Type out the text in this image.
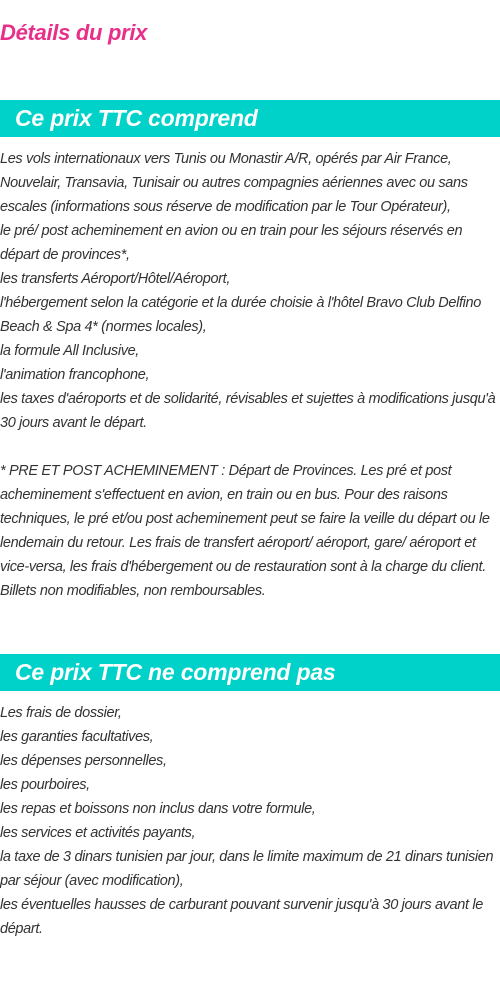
Détails du prix
Ce prix TTC comprend
Les vols internationaux vers Tunis ou Monastir A/R, opérés par Air France, Nouvelair, Transavia, Tunisair ou autres compagnies aériennes avec ou sans escales (informations sous réserve de modification par le Tour Opérateur),
le pré/ post acheminement en avion ou en train pour les séjours réservés en départ de provinces*,
les transferts Aéroport/Hôtel/Aéroport,
l'hébergement selon la catégorie et la durée choisie à l'hôtel Bravo Club Delfino Beach & Spa 4* (normes locales),
la formule All Inclusive,
l'animation francophone,
les taxes d'aéroports et de solidarité, révisables et sujettes à modifications jusqu'à 30 jours avant le départ.
* PRE ET POST ACHEMINEMENT : Départ de Provinces. Les pré et post acheminement s'effectuent en avion, en train ou en bus. Pour des raisons techniques, le pré et/ou post acheminement peut se faire la veille du départ ou le lendemain du retour. Les frais de transfert aéroport/ aéroport, gare/ aéroport et vice-versa, les frais d'hébergement ou de restauration sont à la charge du client. Billets non modifiables, non remboursables.
Ce prix TTC ne comprend pas
Les frais de dossier,
les garanties facultatives,
les dépenses personnelles,
les pourboires,
les repas et boissons non inclus dans votre formule,
les services et activités payants,
la taxe de 3 dinars tunisien par jour, dans le limite maximum de 21 dinars tunisien par séjour (avec modification),
les éventuelles hausses de carburant pouvant survenir jusqu'à 30 jours avant le départ.
